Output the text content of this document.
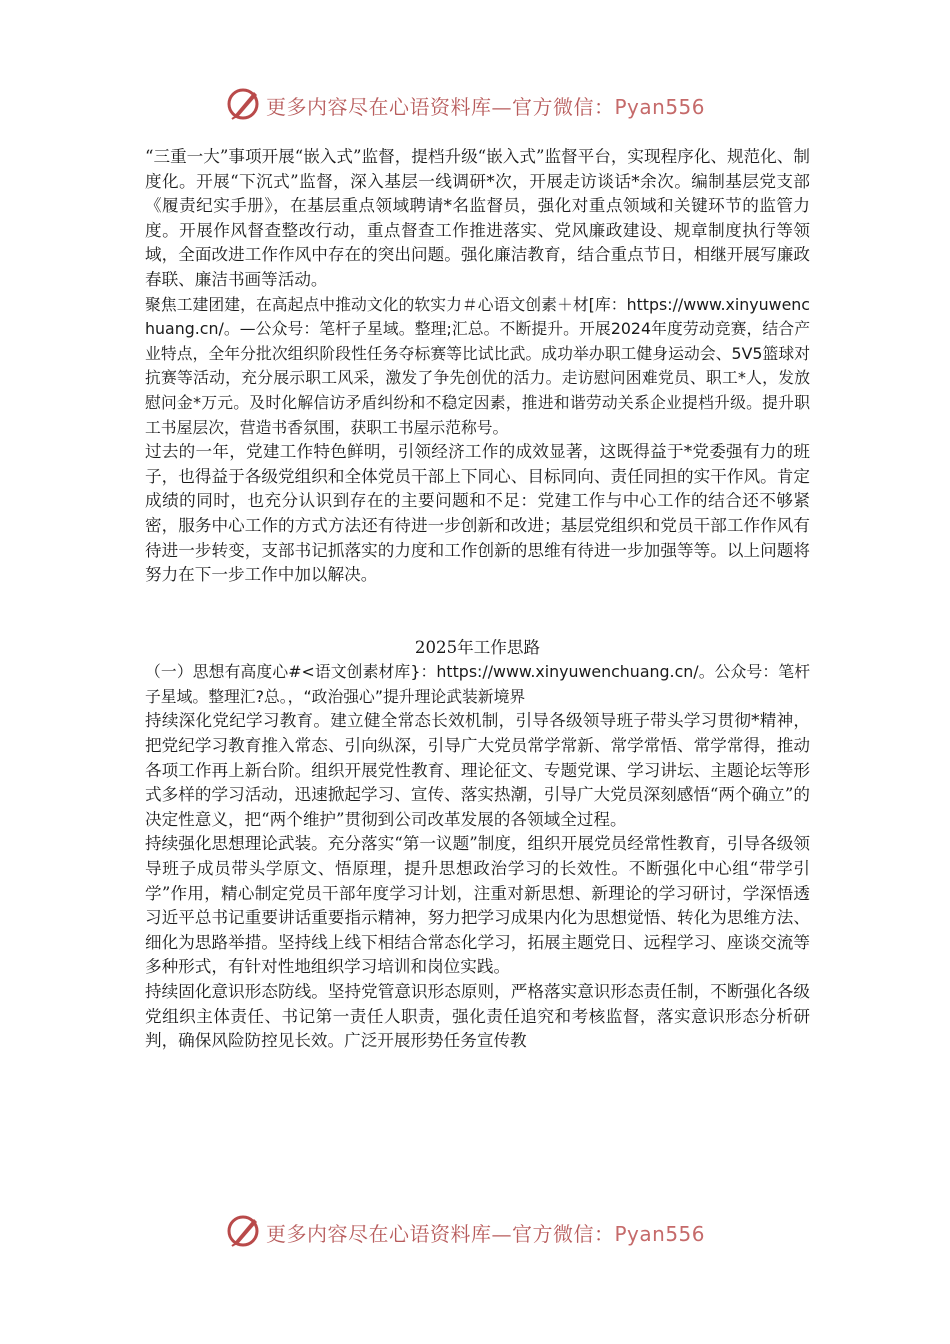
更多内容尽在心语资料库—官方微信：Pyan556

“三重一大”事项开展“嵌入式”监督，提档升级“嵌入式”监督平台，实现程序化、规范化、制度化。开展“下沉式”监督，深入基层一线调研*次，开展走访谈话*余次。编制基层党支部《履责纪实手册》，在基层重点领域聘请*名监督员，强化对重点领域和关键环节的监管力度。开展作风督查整改行动，重点督查工作推进落实、党风廉政建设、规章制度执行等领域，全面改进工作作风中存在的突出问题。强化廉洁教育，结合重点节日，相继开展写廉政春联、廉洁书画等活动。

聚焦工建团建，在高起点中推动文化的软实力＃心语文创素＋材[库：https://www.xinyuwenchuang.cn/。—公众号：笔杆子星域。整理;汇总。不断提升。开展2024年度劳动竞赛，结合产业特点，全年分批次组织阶段性任务夺标赛等比试比武。成功举办职工健身运动会、5V5篮球对抗赛等活动，充分展示职工风采，激发了争先创优的活力。走访慰问困难党员、职工*人，发放慰问金*万元。及时化解信访矛盾纠纷和不稳定因素，推进和谐劳动关系企业提档升级。提升职工书屋层次，营造书香氛围，获职工书屋示范称号。

过去的一年，党建工作特色鲜明，引领经济工作的成效显著，这既得益于*党委强有力的班子，也得益于各级党组织和全体党员干部上下同心、目标同向、责任同担的实干作风。肯定成绩的同时，也充分认识到存在的主要问题和不足：党建工作与中心工作的结合还不够紧密，服务中心工作的方式方法还有待进一步创新和改进；基层党组织和党员干部工作作风有待进一步转变，支部书记抓落实的力度和工作创新的思维有待进一步加强等等。以上问题将努力在下一步工作中加以解决。

2025年工作思路

（一）思想有高度心#<语文创素材库}：https://www.xinyuwenchuang.cn/。公众号：笔杆子星域。整理汇?总。，“政治强心”提升理论武装新境界

持续深化党纪学习教育。建立健全常态长效机制，引导各级领导班子带头学习贯彻*精神，把党纪学习教育推入常态、引向纵深，引导广大党员常学常新、常学常悟、常学常得，推动各项工作再上新台阶。组织开展党性教育、理论征文、专题党课、学习讲坛、主题论坛等形式多样的学习活动，迅速掀起学习、宣传、落实热潮，引导广大党员深刻感悟“两个确立”的决定性意义，把“两个维护”贯彻到公司改革发展的各领域全过程。

持续强化思想理论武装。充分落实“第一议题”制度，组织开展党员经常性教育，引导各级领导班子成员带头学原文、悟原理，提升思想政治学习的长效性。不断强化中心组“带学引学”作用，精心制定党员干部年度学习计划，注重对新思想、新理论的学习研讨，学深悟透习近平总书记重要讲话重要指示精神，努力把学习成果内化为思想觉悟、转化为思维方法、细化为思路举措。坚持线上线下相结合常态化学习，拓展主题党日、远程学习、座谈交流等多种形式，有针对性地组织学习培训和岗位实践。

持续固化意识形态防线。坚持党管意识形态原则，严格落实意识形态责任制，不断强化各级党组织主体责任、书记第一责任人职责，强化责任追究和考核监督，落实意识形态分析研判，确保风险防控见长效。广泛开展形势任务宣传教

更多内容尽在心语资料库—官方微信：Pyan556
